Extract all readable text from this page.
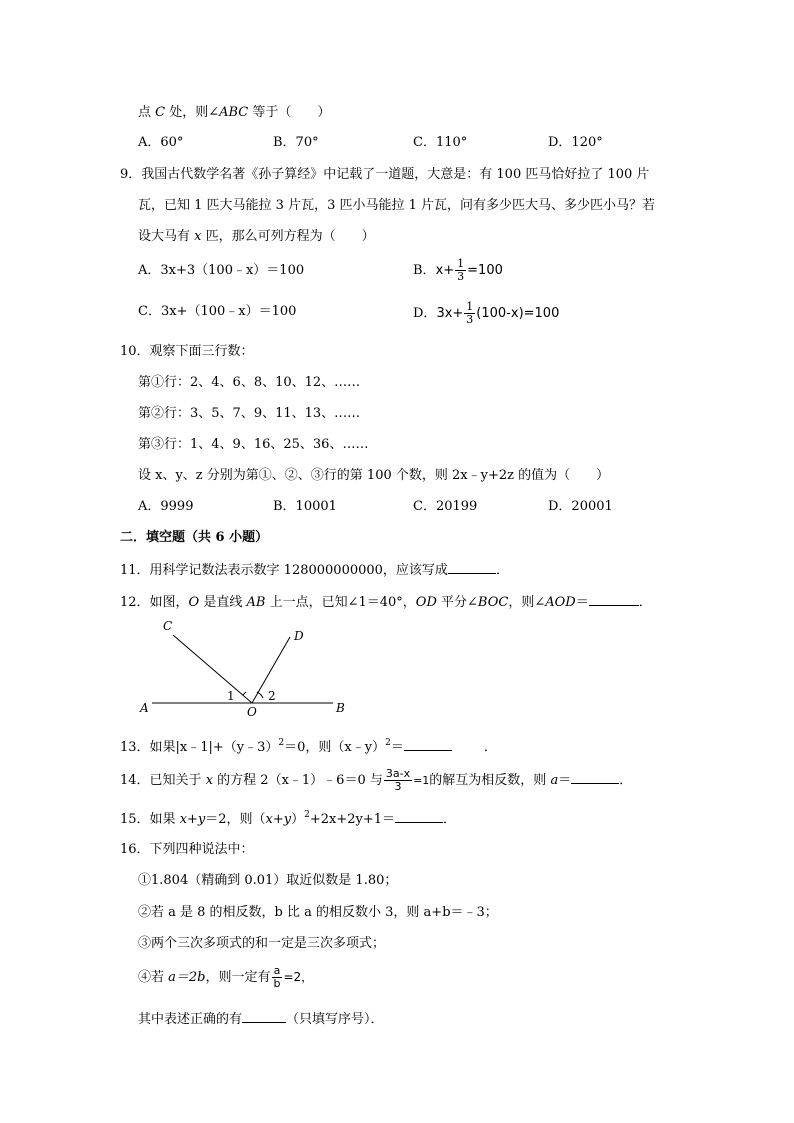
点 C 处，则∠ABC 等于（　　）
A．60°	B．70°	C．110°	D．120°
9．我国古代数学名著《孙子算经》中记载了一道题，大意是：有 100 匹马恰好拉了 100 片
瓦，已知 1 匹大马能拉 3 片瓦，3 匹小马能拉 1 片瓦，问有多少匹大马、多少匹小马？若
设大马有 x 匹，那么可列方程为（　　）
A．3x+3（100﹣x）＝100	B．$x+ \frac{1}{3} =100$
C．3x+（100﹣x）＝100	D．$3x+ \frac{1}{3} (100-x)=100$
10．观察下面三行数：
第①行：2、4、6、8、10、12、……
第②行：3、5、7、9、11、13、……
第③行：1、4、9、16、25、36、……
设 x、y、z 分别为第①、②、③行的第 100 个数，则 2x﹣y+2z 的值为（　　）
A．9999	B．10001	C．20199	D．20001
二．填空题（共 6 小题）
11．用科学记数法表示数字 128000000000，应该写成	．
12．如图，O 是直线 AB 上一点，已知∠1＝40°，OD 平分∠BOC，则∠AOD＝	．
C
D
A	O	B
1	2
13．如果|x﹣1|+（y﹣3）$^2$＝0，则（x﹣y）$^2$＝	．
14．已知关于 x 的方程 2（x﹣1）﹣6＝0 与 $\frac{3a-x}{3} =1$的解互为相反数，则 a＝	．
15．如果 x+y＝2，则$(x+y)^2+2x+2y+1=$	．
16．下列四种说法中：
①1.804（精确到 0.01）取近似数是 1.80；
②若 a 是 8 的相反数，b 比 a 的相反数小 3，则 a+b＝﹣3；
③两个三次多项式的和一定是三次多项式；
④若 a＝2b，则一定有 $\frac{a}{b} =2$，
其中表述正确的有	（只填写序号）．
